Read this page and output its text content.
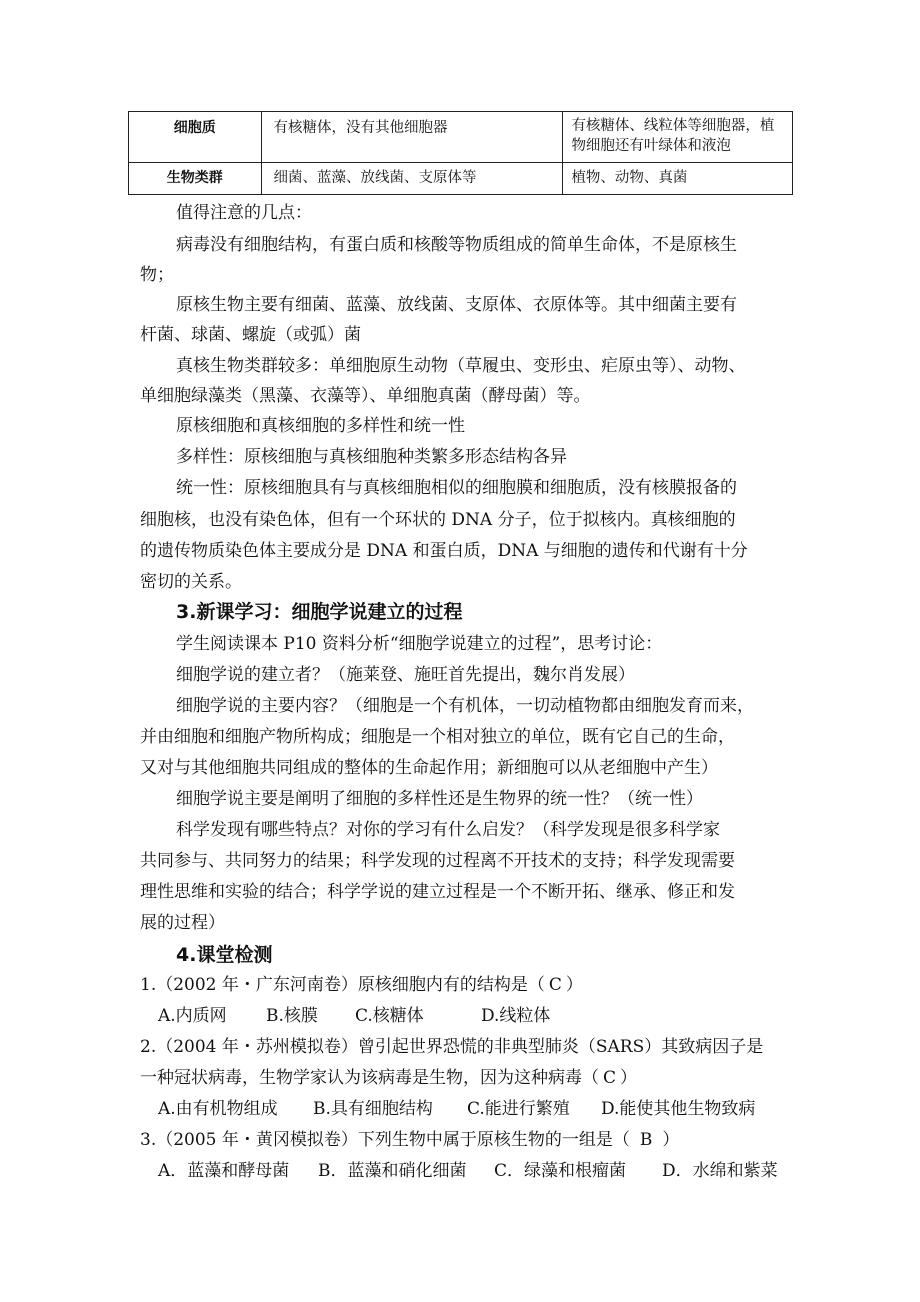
细胞质	有核糖体，没有其他细胞器	有核糖体、线粒体等细胞器，植
物细胞还有叶绿体和液泡

生物类群	细菌、蓝藻、放线菌、支原体等	植物、动物、真菌
值得注意的几点：
病毒没有细胞结构，有蛋白质和核酸等物质组成的简单生命体，不是原核生
物；
原核生物主要有细菌、蓝藻、放线菌、支原体、衣原体等。其中细菌主要有
杆菌、球菌、螺旋（或弧）菌
真核生物类群较多：单细胞原生动物（草履虫、变形虫、疟原虫等）、动物、
单细胞绿藻类（黑藻、衣藻等）、单细胞真菌（酵母菌）等。
原核细胞和真核细胞的多样性和统一性
多样性：原核细胞与真核细胞种类繁多形态结构各异
统一性：原核细胞具有与真核细胞相似的细胞膜和细胞质，没有核膜报备的
细胞核，也没有染色体，但有一个环状的 DNA 分子，位于拟核内。真核细胞的
的遗传物质染色体主要成分是 DNA 和蛋白质，DNA 与细胞的遗传和代谢有十分
密切的关系。
3.新课学习：细胞学说建立的过程
学生阅读课本 P10 资料分析“细胞学说建立的过程”，思考讨论：
细胞学说的建立者？（施莱登、施旺首先提出，魏尔肖发展）
细胞学说的主要内容？（细胞是一个有机体，一切动植物都由细胞发育而来，
并由细胞和细胞产物所构成；细胞是一个相对独立的单位，既有它自己的生命，
又对与其他细胞共同组成的整体的生命起作用；新细胞可以从老细胞中产生）
细胞学说主要是阐明了细胞的多样性还是生物界的统一性？（统一性）
科学发现有哪些特点？对你的学习有什么启发？（科学发现是很多科学家
共同参与、共同努力的结果；科学发现的过程离不开技术的支持；科学发现需要
理性思维和实验的结合；科学学说的建立过程是一个不断开拓、继承、修正和发
展的过程）
4.课堂检测
1.（2002 年・广东河南卷）原核细胞内有的结构是（ C ）
A.内质网 B.核膜 C.核糖体	D.线粒体
2.（2004 年・苏州模拟卷）曾引起世界恐慌的非典型肺炎（SARS）其致病因子是
一种冠状病毒，生物学家认为该病毒是生物，因为这种病毒（ C ）
A.由有机物组成 B.具有细胞结构 C.能进行繁殖 D.能使其他生物致病
3.（2005 年・黄冈模拟卷）下列生物中属于原核生物的一组是（ B ）
A．蓝藻和酵母菌 B．蓝藻和硝化细菌 C．绿藻和根瘤菌 D．水绵和紫菜
